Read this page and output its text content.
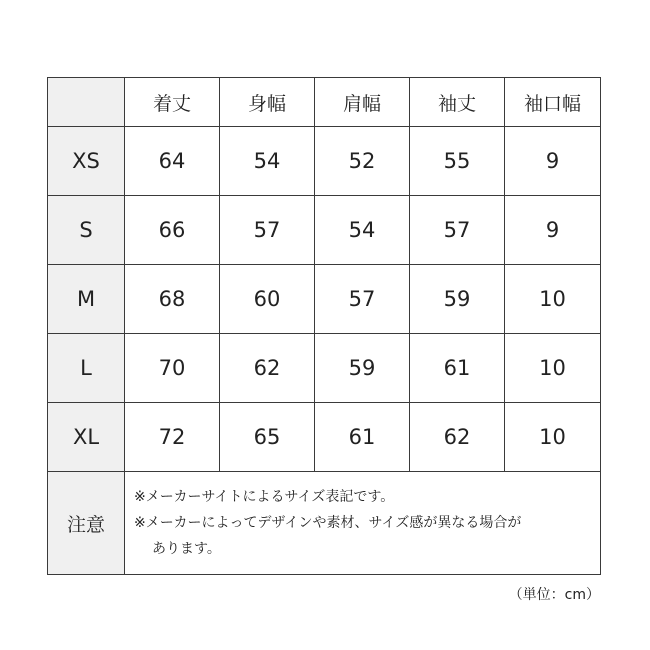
	着丈	身幅	肩幅	袖丈	袖口幅
XS	64	54	52	55	9
S	66	57	54	57	9
M	68	60	57	59	10
L	70	62	59	61	10
XL	72	65	61	62	10
注意	※メーカーサイトによるサイズ表記です。
※メーカーによってデザインや素材、サイズ感が異なる場合が
あります。				
（単位：cm）
